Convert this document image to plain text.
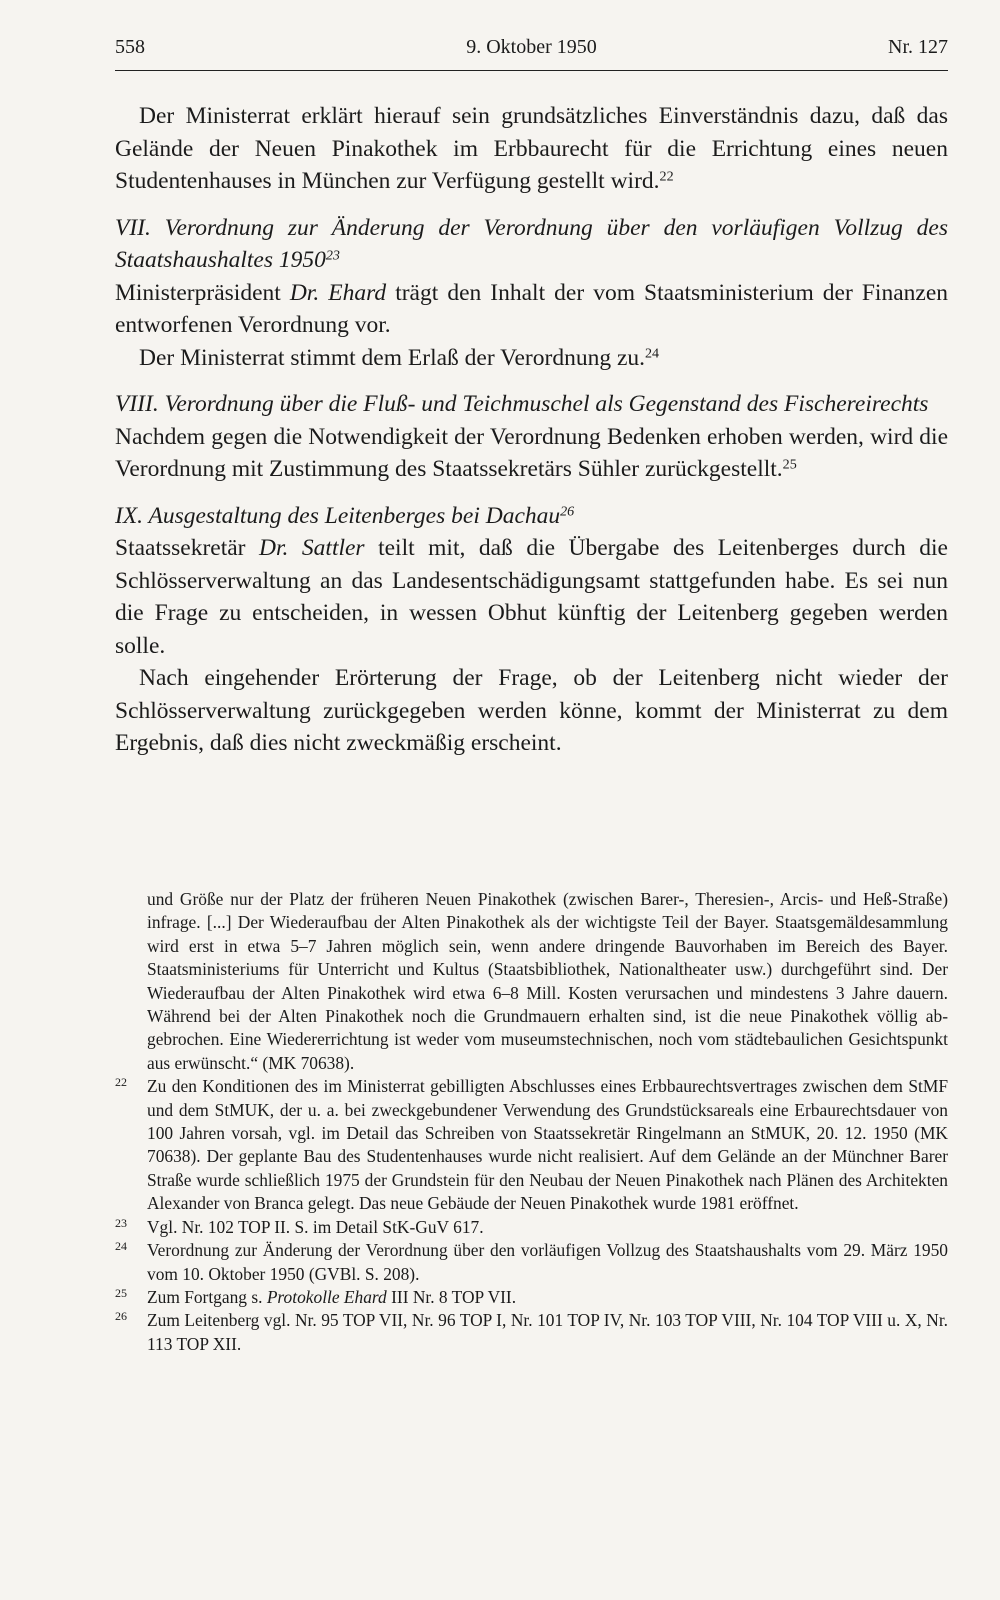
558	9. Oktober 1950	Nr. 127

Der Ministerrat erklärt hierauf sein grundsätzliches Einverständnis dazu, daß das Gelände der Neuen Pinakothek im Erbbaurecht für die Errichtung eines neuen Studentenhauses in München zur Verfügung gestellt wird.$^{22}$

VII. Verordnung zur Änderung der Verordnung über den vorläufigen Vollzug des Staatshaushaltes 1950$^{23}$

Ministerpräsident Dr. Ehard trägt den Inhalt der vom Staatsministerium der Finanzen entworfenen Verordnung vor.

Der Ministerrat stimmt dem Erlaß der Verordnung zu.$^{24}$

VIII. Verordnung über die Fluß- und Teichmuschel als Gegenstand des Fischereirechts

Nachdem gegen die Notwendigkeit der Verordnung Bedenken erhoben werden, wird die Verordnung mit Zustimmung des Staatssekretärs Sühler zurückgestellt.$^{25}$

IX. Ausgestaltung des Leitenberges bei Dachau$^{26}$

Staatssekretär Dr. Sattler teilt mit, daß die Übergabe des Leitenberges durch die Schlösserverwaltung an das Landesentschädigungsamt stattgefunden habe. Es sei nun die Frage zu entscheiden, in wessen Obhut künftig der Leitenberg gegeben werden solle.

Nach eingehender Erörterung der Frage, ob der Leitenberg nicht wieder der Schlösserverwaltung zurückgegeben werden könne, kommt der Ministerrat zu dem Ergebnis, daß dies nicht zweckmäßig erscheint.

und Größe nur der Platz der früheren Neuen Pinakothek (zwischen Barer-, Theresien-, Arcis- und Heß-Straße) infrage. [...] Der Wiederaufbau der Alten Pinakothek als der wichtigste Teil der Bayer. Staatsgemäldesammlung wird erst in etwa 5–7 Jahren möglich sein, wenn andere dringende Bauvorhaben im Bereich des Bayer. Staatsministeriums für Unterricht und Kultus (Staatsbibliothek, Nationaltheater usw.) durchgeführt sind. Der Wiederaufbau der Alten Pinakothek wird etwa 6–8 Mill. Kosten verursachen und mindestens 3 Jahre dauern. Während bei der Alten Pinakothek noch die Grundmauern erhalten sind, ist die neue Pinakothek völlig abgebrochen. Eine Wiedererrichtung ist weder vom museumstechnischen, noch vom städtebaulichen Gesichtspunkt aus erwünscht.“ (MK 70638).

22 Zu den Konditionen des im Ministerrat gebilligten Abschlusses eines Erbbaurechtsvertrages zwischen dem StMF und dem StMUK, der u. a. bei zweckgebundener Verwendung des Grundstücksareals eine Erbaurechtsdauer von 100 Jahren vorsah, vgl. im Detail das Schreiben von Staatssekretär Ringelmann an StMUK, 20. 12. 1950 (MK 70638). Der geplante Bau des Studentenhauses wurde nicht realisiert. Auf dem Gelände an der Münchner Barer Straße wurde schließlich 1975 der Grundstein für den Neubau der Neuen Pinakothek nach Plänen des Architekten Alexander von Branca gelegt. Das neue Gebäude der Neuen Pinakothek wurde 1981 eröffnet.

23 Vgl. Nr. 102 TOP II. S. im Detail StK-GuV 617.

24 Verordnung zur Änderung der Verordnung über den vorläufigen Vollzug des Staatshaushalts vom 29. März 1950 vom 10. Oktober 1950 (GVBl. S. 208).

25 Zum Fortgang s. Protokolle Ehard III Nr. 8 TOP VII.

26 Zum Leitenberg vgl. Nr. 95 TOP VII, Nr. 96 TOP I, Nr. 101 TOP IV, Nr. 103 TOP VIII, Nr. 104 TOP VIII u. X, Nr. 113 TOP XII.
